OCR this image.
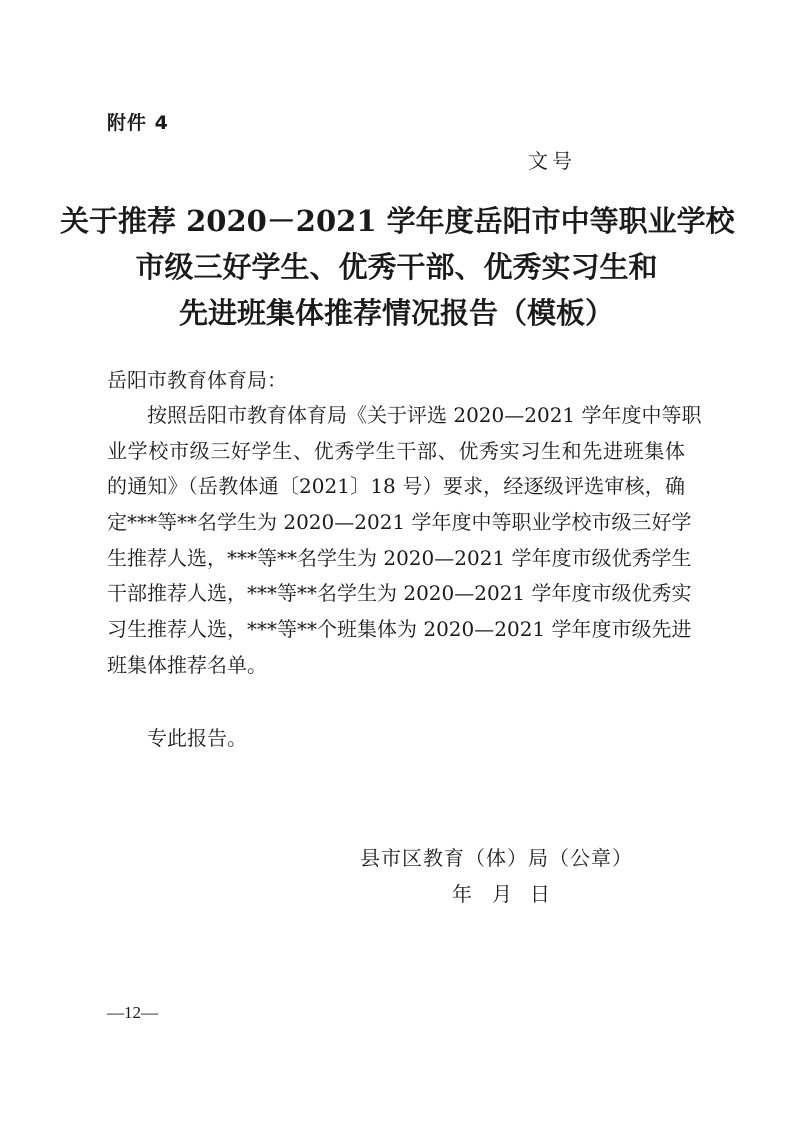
附件 4
文号
关于推荐 2020－2021 学年度岳阳市中等职业学校
市级三好学生、优秀干部、优秀实习生和
先进班集体推荐情况报告（模板）
岳阳市教育体育局：
按照岳阳市教育体育局《关于评选 2020—2021 学年度中等职
业学校市级三好学生、优秀学生干部、优秀实习生和先进班集体
的通知》（岳教体通〔2021〕18 号）要求，经逐级评选审核，确
定***等**名学生为 2020—2021 学年度中等职业学校市级三好学
生推荐人选，***等**名学生为 2020—2021 学年度市级优秀学生
干部推荐人选，***等**名学生为 2020—2021 学年度市级优秀实
习生推荐人选，***等**个班集体为 2020—2021 学年度市级先进
班集体推荐名单。
专此报告。
县市区教育（体）局（公章）
年 月 日
—12—
